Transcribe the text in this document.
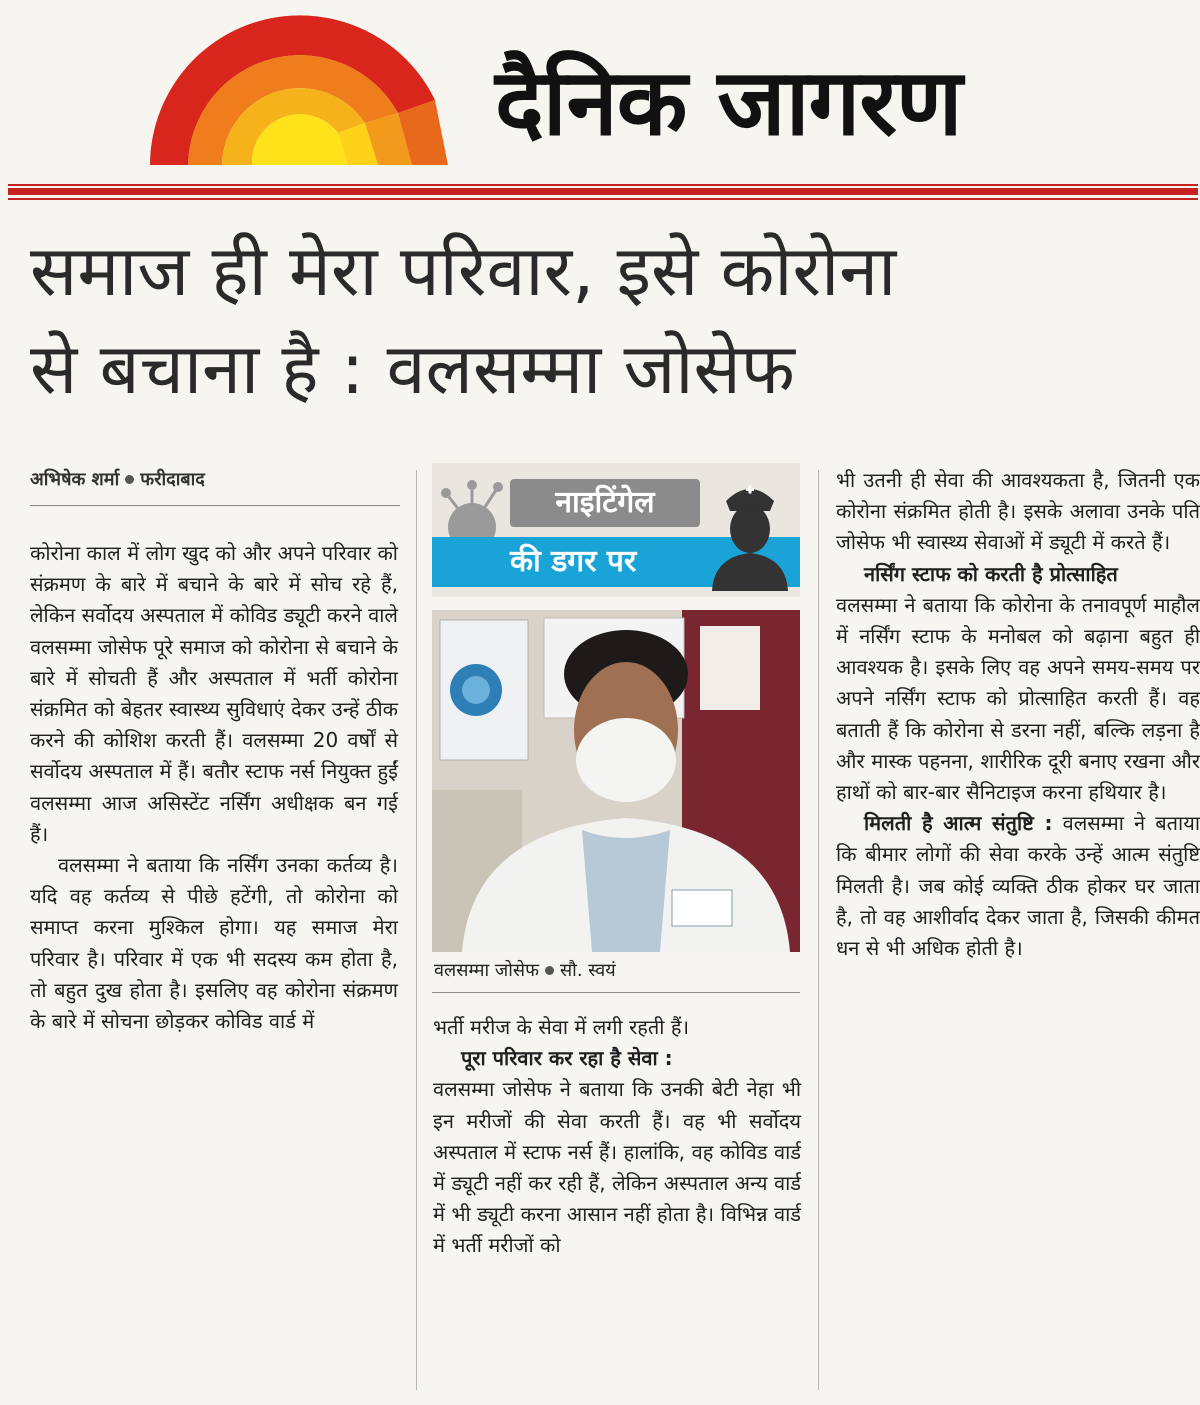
दैनिक जागरण
समाज ही मेरा परिवार, इसे कोरोना
से बचाना है : वलसम्मा जोसेफ
अभिषेक शर्मा फरीदाबाद

कोरोना काल में लोग खुद को और अपने परिवार को संक्रमण के बारे में बचाने के बारे में सोच रहे हैं, लेकिन सर्वोदय अस्पताल में कोविड ड्यूटी करने वाले वलसम्मा जोसेफ पूरे समाज को कोरोना से बचाने के बारे में सोचती हैं और अस्पताल में भर्ती कोरोना संक्रमित को बेहतर स्वास्थ्य सुविधाएं देकर उन्हें ठीक करने की कोशिश करती हैं। वलसम्मा 20 वर्षों से सर्वोदय अस्पताल में हैं। बतौर स्टाफ नर्स नियुक्त हुईं वलसम्मा आज असिस्टेंट नर्सिंग अधीक्षक बन गई हैं।

वलसम्मा ने बताया कि नर्सिंग उनका कर्तव्य है। यदि वह कर्तव्य से पीछे हटेंगी, तो कोरोना को समाप्त करना मुश्किल होगा। यह समाज मेरा परिवार है। परिवार में एक भी सदस्य कम होता है, तो बहुत दुख होता है। इसलिए वह कोरोना संक्रमण के बारे में सोचना छोड़कर कोविड वार्ड में

नाइटिंगेल
की डगर पर
वलसम्मा जोसेफ सौ. स्वयं

भर्ती मरीज के सेवा में लगी रहती हैं।

पूरा परिवार कर रहा है सेवा :

वलसम्मा जोसेफ ने बताया कि उनकी बेटी नेहा भी इन मरीजों की सेवा करती हैं। वह भी सर्वोदय अस्पताल में स्टाफ नर्स हैं। हालांकि, वह कोविड वार्ड में ड्यूटी नहीं कर रही हैं, लेकिन अस्पताल अन्य वार्ड में भी ड्यूटी करना आसान नहीं होता है। विभिन्न वार्ड में भर्ती मरीजों को

भी उतनी ही सेवा की आवश्यकता है, जितनी एक कोरोना संक्रमित होती है। इसके अलावा उनके पति जोसेफ भी स्वास्थ्य सेवाओं में ड्यूटी में करते हैं।

नर्सिंग स्टाफ को करती है प्रोत्साहित

वलसम्मा ने बताया कि कोरोना के तनावपूर्ण माहौल में नर्सिंग स्टाफ के मनोबल को बढ़ाना बहुत ही आवश्यक है। इसके लिए वह अपने समय-समय पर अपने नर्सिंग स्टाफ को प्रोत्साहित करती हैं। वह बताती हैं कि कोरोना से डरना नहीं, बल्कि लड़ना है और मास्क पहनना, शारीरिक दूरी बनाए रखना और हाथों को बार-बार सैनिटाइज करना हथियार है।

मिलती है आत्म संतुष्टि : वलसम्मा ने बताया कि बीमार लोगों की सेवा करके उन्हें आत्म संतुष्टि मिलती है। जब कोई व्यक्ति ठीक होकर घर जाता है, तो वह आशीर्वाद देकर जाता है, जिसकी कीमत धन से भी अधिक होती है।
